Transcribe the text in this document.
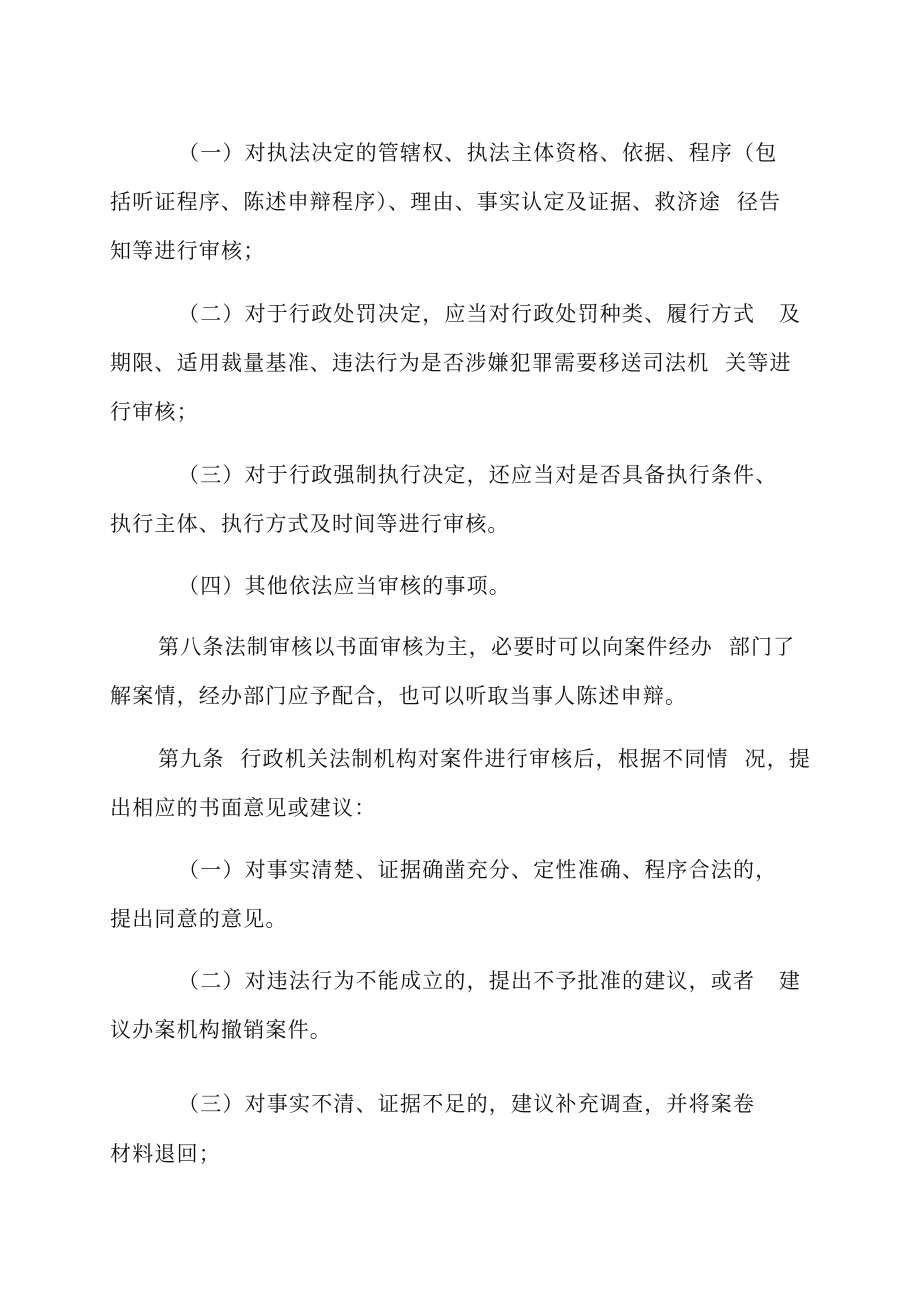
（一）对执法决定的管辖权、执法主体资格、依据、程序（包
括听证程序、陈述申辩程序）、理由、事实认定及证据、救济途  径告
知等进行审核；
（二）对于行政处罚决定，应当对行政处罚种类、履行方式   及
期限、适用裁量基准、违法行为是否涉嫌犯罪需要移送司法机  关等进
行审核；
（三）对于行政强制执行决定，还应当对是否具备执行条件、
执行主体、执行方式及时间等进行审核。
（四）其他依法应当审核的事项。
第八条法制审核以书面审核为主，必要时可以向案件经办  部门了
解案情，经办部门应予配合，也可以听取当事人陈述申辩。
第九条  行政机关法制机构对案件进行审核后，根据不同情  况，提
出相应的书面意见或建议：
（一）对事实清楚、证据确凿充分、定性准确、程序合法的，
提出同意的意见。
（二）对违法行为不能成立的，提出不予批准的建议，或者   建
议办案机构撤销案件。
（三）对事实不清、证据不足的，建议补充调查，并将案卷
材料退回；
